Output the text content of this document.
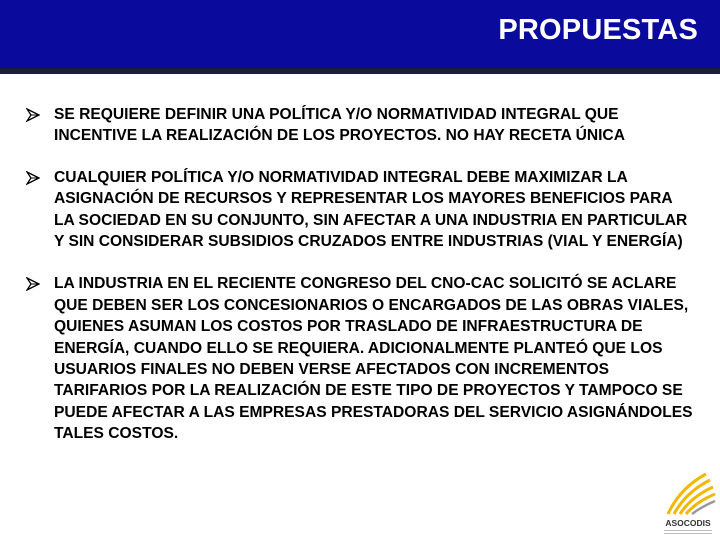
PROPUESTAS
SE REQUIERE DEFINIR UNA POLÍTICA Y/O NORMATIVIDAD INTEGRAL QUE INCENTIVE LA REALIZACIÓN DE LOS PROYECTOS. NO HAY RECETA ÚNICA
CUALQUIER POLÍTICA Y/O NORMATIVIDAD INTEGRAL DEBE MAXIMIZAR LA ASIGNACIÓN DE RECURSOS Y REPRESENTAR LOS MAYORES BENEFICIOS PARA LA SOCIEDAD EN SU CONJUNTO, SIN AFECTAR A UNA INDUSTRIA EN PARTICULAR Y SIN CONSIDERAR SUBSIDIOS CRUZADOS ENTRE INDUSTRIAS (VIAL Y ENERGÍA)
LA INDUSTRIA EN EL RECIENTE CONGRESO DEL CNO-CAC SOLICITÓ SE ACLARE QUE DEBEN SER LOS CONCESIONARIOS O ENCARGADOS DE LAS OBRAS VIALES, QUIENES ASUMAN LOS COSTOS POR TRASLADO DE INFRAESTRUCTURA DE ENERGÍA, CUANDO ELLO SE REQUIERA. ADICIONALMENTE PLANTEÓ QUE LOS USUARIOS FINALES NO DEBEN VERSE AFECTADOS CON INCREMENTOS TARIFARIOS POR LA REALIZACIÓN DE ESTE TIPO DE PROYECTOS Y TAMPOCO SE PUEDE AFECTAR A LAS EMPRESAS PRESTADORAS DEL SERVICIO ASIGNÁNDOLES TALES COSTOS.
ASOCODIS
